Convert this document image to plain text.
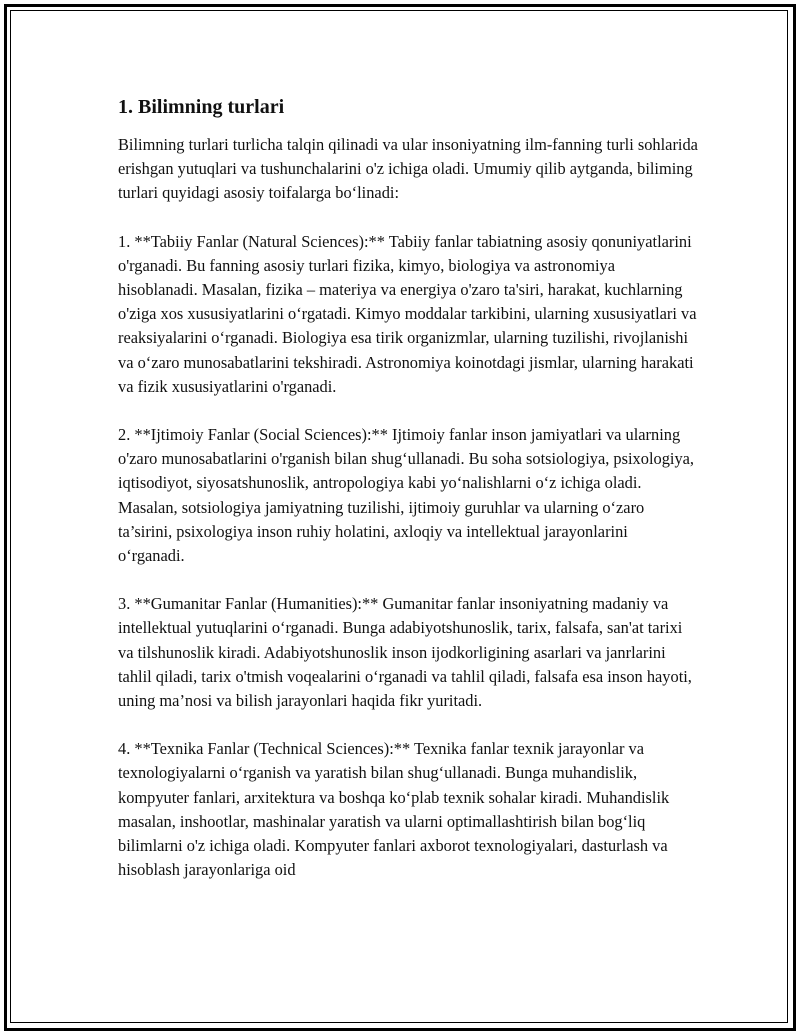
1. Bilimning turlari

Bilimning turlari turlicha talqin qilinadi va ular insoniyatning ilm-fanning turli sohlarida erishgan yutuqlari va tushunchalarini o'z ichiga oladi. Umumiy qilib aytganda, biliming turlari quyidagi asosiy toifalarga bo‘linadi:

1. **Tabiiy Fanlar (Natural Sciences):** Tabiiy fanlar tabiatning asosiy qonuniyatlarini o'rganadi. Bu fanning asosiy turlari fizika, kimyo, biologiya va astronomiya hisoblanadi. Masalan, fizika – materiya va energiya o'zaro ta'siri, harakat, kuchlarning o'ziga xos xususiyatlarini o‘rgatadi. Kimyo moddalar tarkibini, ularning xususiyatlari va reaksiyalarini o‘rganadi. Biologiya esa tirik organizmlar, ularning tuzilishi, rivojlanishi va o‘zaro munosabatlarini tekshiradi. Astronomiya koinotdagi jismlar, ularning harakati va fizik xususiyatlarini o'rganadi.

2. **Ijtimoiy Fanlar (Social Sciences):** Ijtimoiy fanlar inson jamiyatlari va ularning o'zaro munosabatlarini o'rganish bilan shug‘ullanadi. Bu soha sotsiologiya, psixologiya, iqtisodiyot, siyosatshunoslik, antropologiya kabi yo‘nalishlarni o‘z ichiga oladi. Masalan, sotsiologiya jamiyatning tuzilishi, ijtimoiy guruhlar va ularning o‘zaro ta’sirini, psixologiya inson ruhiy holatini, axloqiy va intellektual jarayonlarini o‘rganadi.

3. **Gumanitar Fanlar (Humanities):** Gumanitar fanlar insoniyatning madaniy va intellektual yutuqlarini o‘rganadi. Bunga adabiyotshunoslik, tarix, falsafa, san'at tarixi va tilshunoslik kiradi. Adabiyotshunoslik inson ijodkorligining asarlari va janrlarini tahlil qiladi, tarix o'tmish voqealarini o‘rganadi va tahlil qiladi, falsafa esa inson hayoti, uning ma’nosi va bilish jarayonlari haqida fikr yuritadi.

4. **Texnika Fanlar (Technical Sciences):** Texnika fanlar texnik jarayonlar va texnologiyalarni o‘rganish va yaratish bilan shug‘ullanadi. Bunga muhandislik, kompyuter fanlari, arxitektura va boshqa ko‘plab texnik sohalar kiradi. Muhandislik masalan, inshootlar, mashinalar yaratish va ularni optimallashtirish bilan bog‘liq bilimlarni o'z ichiga oladi. Kompyuter fanlari axborot texnologiyalari, dasturlash va hisoblash jarayonlariga oid
